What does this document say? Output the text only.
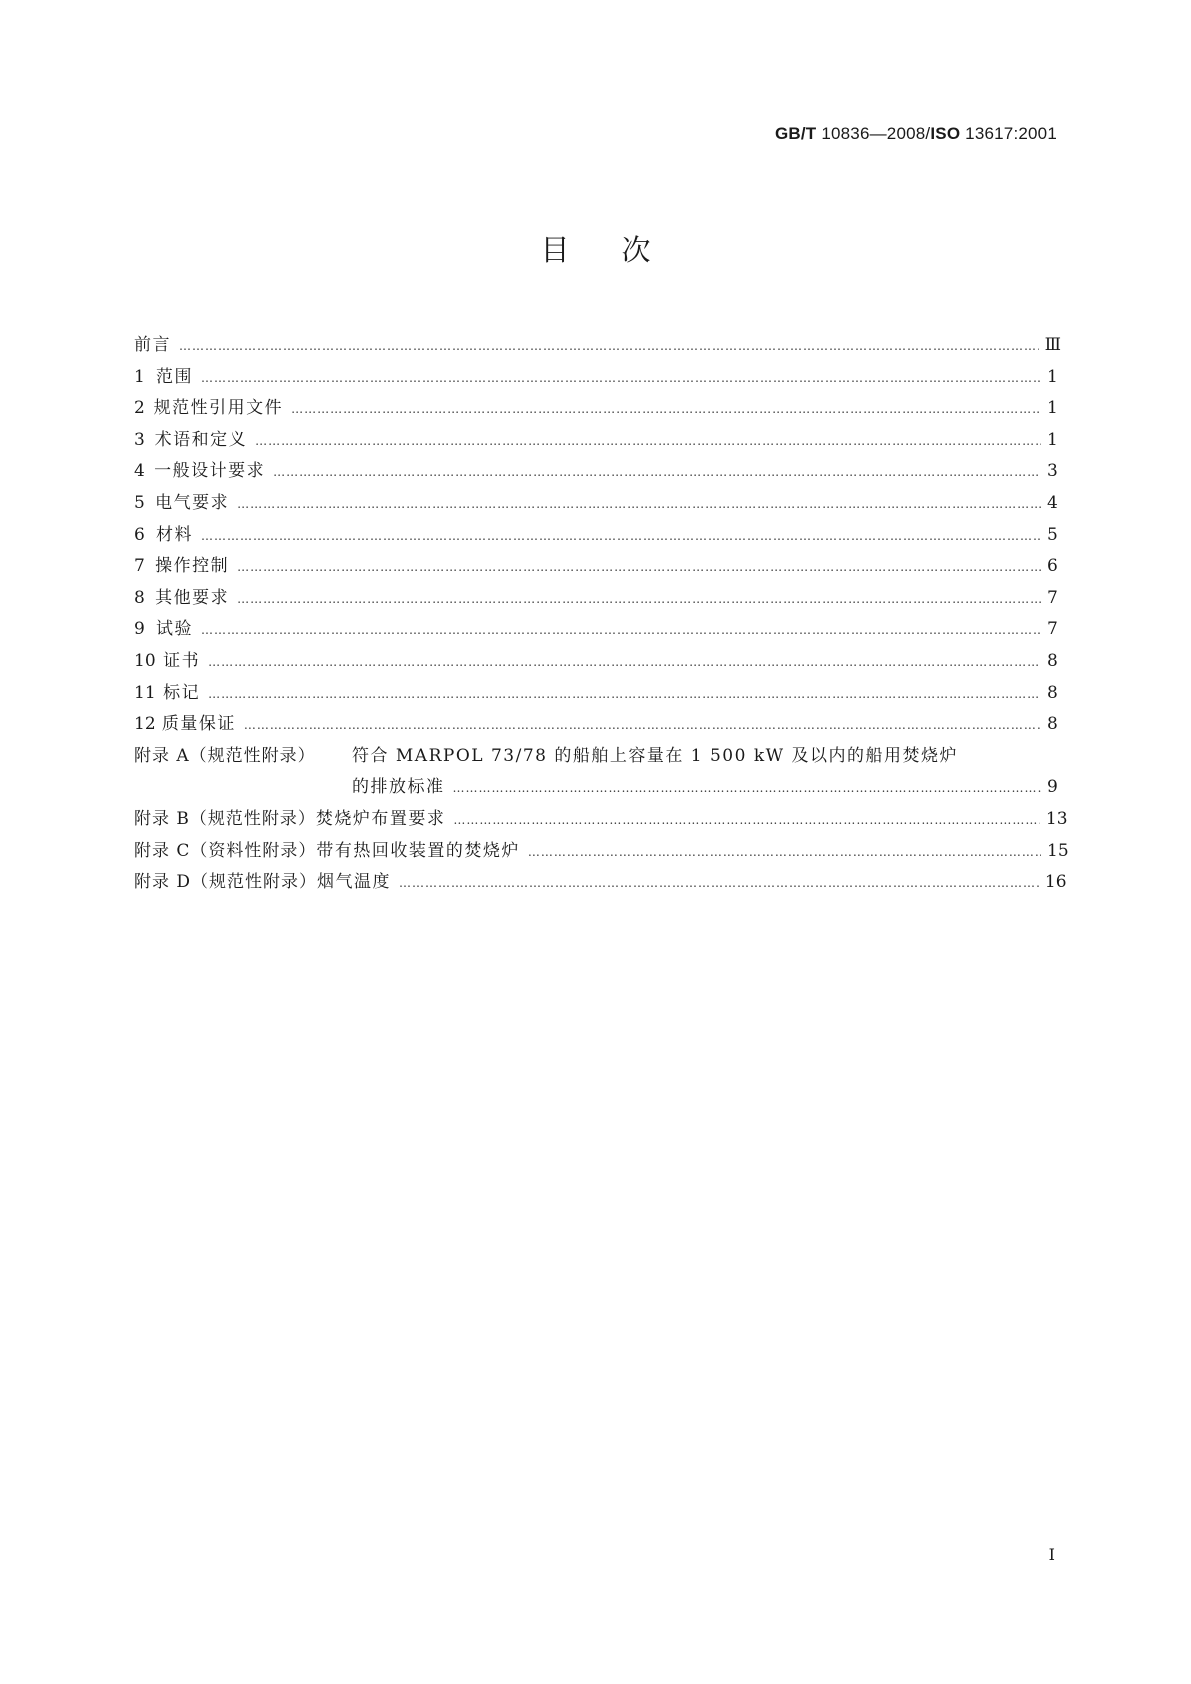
GB/T 10836—2008/ISO 13617:2001
目次
前言 …………………………………………………………………………………………………………………………………………………………………………………………………………………………………………	Ⅲ
1 范围 …………………………………………………………………………………………………………………………………………………………………………………………………………………………………………	1
2 规范性引用文件 …………………………………………………………………………………………………………………………………………………………………………………………………………………………………………	1
3 术语和定义 …………………………………………………………………………………………………………………………………………………………………………………………………………………………………………	1
4 一般设计要求 …………………………………………………………………………………………………………………………………………………………………………………………………………………………………………	3
5 电气要求 …………………………………………………………………………………………………………………………………………………………………………………………………………………………………………	4
6 材料 …………………………………………………………………………………………………………………………………………………………………………………………………………………………………………	5
7 操作控制 …………………………………………………………………………………………………………………………………………………………………………………………………………………………………………	6
8 其他要求 …………………………………………………………………………………………………………………………………………………………………………………………………………………………………………	7
9 试验 …………………………………………………………………………………………………………………………………………………………………………………………………………………………………………	7
10 证书 …………………………………………………………………………………………………………………………………………………………………………………………………………………………………………	8
11 标记 …………………………………………………………………………………………………………………………………………………………………………………………………………………………………………	8
12 质量保证 …………………………………………………………………………………………………………………………………………………………………………………………………………………………………………	8
附录 A（规范性附录）	符合 MARPOL 73/78 的船舶上容量在 1 500 kW 及以内的船用焚烧炉
的排放标准 …………………………………………………………………………………………………………………………………………………………………………………………………………………………………………	9
附录 B（规范性附录） 焚烧炉布置要求 …………………………………………………………………………………………………………………………………………………………………………………………………………………………………………	13
附录 C（资料性附录） 带有热回收装置的焚烧炉 …………………………………………………………………………………………………………………………………………………………………………………………………………………………………………	15
附录 D（规范性附录） 烟气温度 …………………………………………………………………………………………………………………………………………………………………………………………………………………………………………	16
I
